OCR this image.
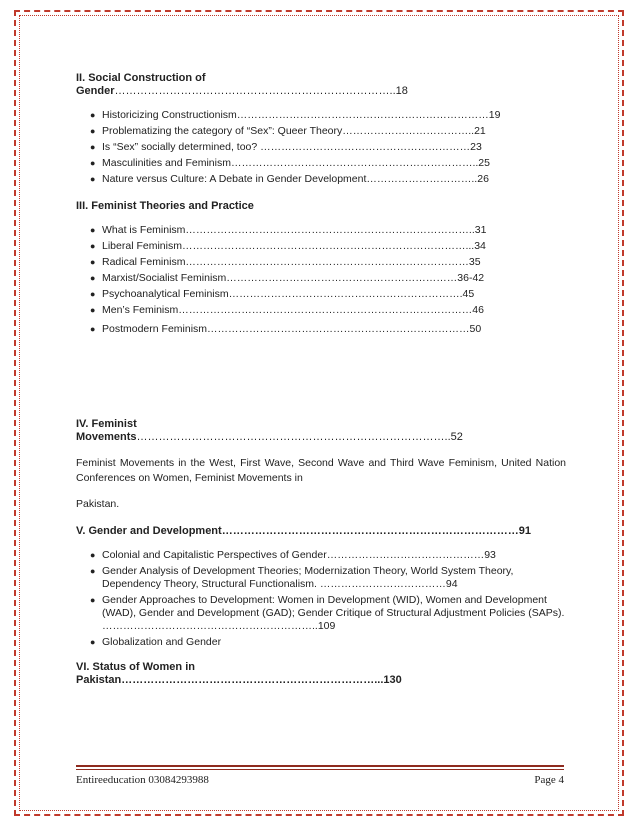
II. Social Construction of
Gender…………………………………………………………………..18
● Historicizing Constructionism………………………………………………………………19
● Problematizing the category of “Sex”: Queer Theory………………………………..21
● Is “Sex” socially determined, too? ……………………………………………………23
● Masculinities and Feminism……………………………………………………………..25
● Nature versus Culture: A Debate in Gender Development…………………………..26
III. Feminist Theories and Practice
● What is Feminism………………………………………………………………………..31
● Liberal Feminism………………………………………………………………………...34
● Radical Feminism………………………………………………………………………35
● Marxist/Socialist Feminism…………………………………………………………36-42
● Psychoanalytical Feminism………………………………………………………….45
● Men’s Feminism…………………………………………………………………………46
● Postmodern Feminism…………………………………………………………………50
IV. Feminist
Movements…………………………………………………………………………..52

Feminist Movements in the West, First Wave, Second Wave and Third Wave Feminism, United Nation Conferences on Women, Feminist Movements in

Pakistan.

V. Gender and Development………………………………………………………………………91
● Colonial and Capitalistic Perspectives of Gender………………………………………93
● Gender Analysis of Development Theories; Modernization Theory, World System Theory, Dependency Theory, Structural Functionalism. ………………………………94
● Gender Approaches to Development: Women in Development (WID), Women and Development (WAD), Gender and Development (GAD); Gender Critique of Structural Adjustment Policies (SAPs). ……………………………………………………..109
● Globalization and Gender
VI. Status of Women in
Pakistan……………………………………………………………...130
Entireeducation 03084293988	Page 4
